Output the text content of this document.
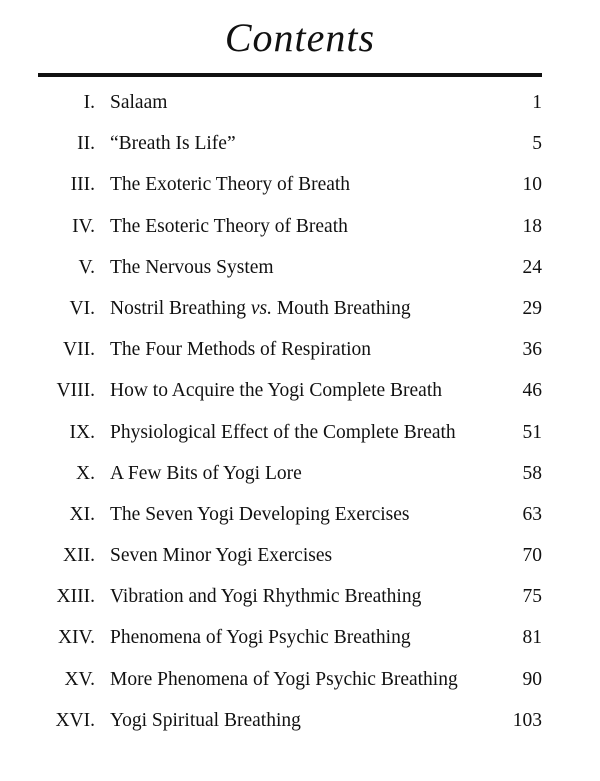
Contents
I. Salaam	1
II. “Breath Is Life”	5
III. The Exoteric Theory of Breath	10
IV. The Esoteric Theory of Breath	18
V. The Nervous System	24
VI. Nostril Breathing vs. Mouth Breathing	29
VII. The Four Methods of Respiration	36
VIII. How to Acquire the Yogi Complete Breath	46
IX. Physiological Effect of the Complete Breath	51
X. A Few Bits of Yogi Lore	58
XI. The Seven Yogi Developing Exercises	63
XII. Seven Minor Yogi Exercises	70
XIII. Vibration and Yogi Rhythmic Breathing	75
XIV. Phenomena of Yogi Psychic Breathing	81
XV. More Phenomena of Yogi Psychic Breathing	90
XVI. Yogi Spiritual Breathing	103
